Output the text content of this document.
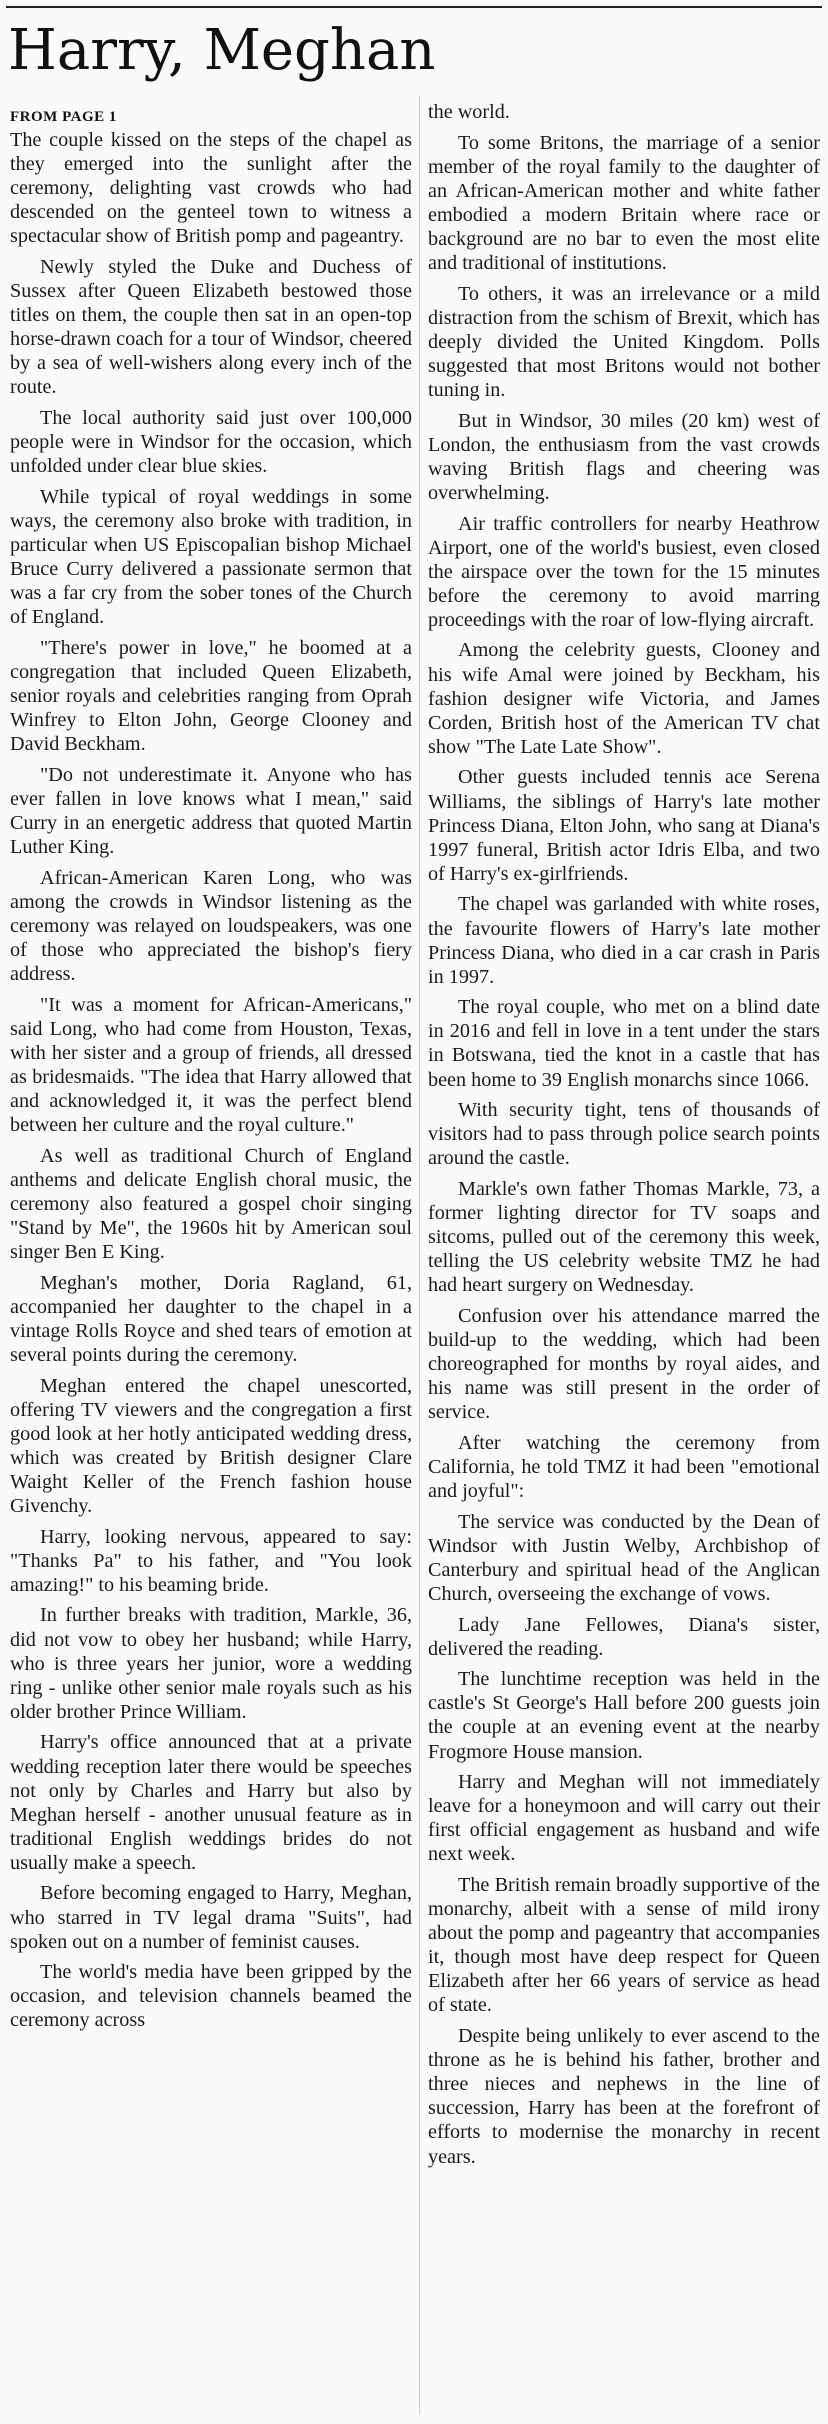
Harry, Meghan
FROM PAGE 1

The couple kissed on the steps of the chapel as they emerged into the sunlight after the ceremony, delighting vast crowds who had descended on the genteel town to witness a spectacular show of British pomp and pageantry.

Newly styled the Duke and Duchess of Sussex after Queen Elizabeth bestowed those titles on them, the couple then sat in an open-top horse-drawn coach for a tour of Windsor, cheered by a sea of well-wishers along every inch of the route.

The local authority said just over 100,000 people were in Windsor for the occasion, which unfolded under clear blue skies.

While typical of royal weddings in some ways, the ceremony also broke with tradition, in particular when US Episcopalian bishop Michael Bruce Curry delivered a passionate sermon that was a far cry from the sober tones of the Church of England.

"There's power in love," he boomed at a congregation that included Queen Elizabeth, senior royals and celebrities ranging from Oprah Winfrey to Elton John, George Clooney and David Beckham.

"Do not underestimate it. Anyone who has ever fallen in love knows what I mean," said Curry in an energetic address that quoted Martin Luther King.

African-American Karen Long, who was among the crowds in Windsor listening as the ceremony was relayed on loudspeakers, was one of those who appreciated the bishop's fiery address.

"It was a moment for African-Americans," said Long, who had come from Houston, Texas, with her sister and a group of friends, all dressed as bridesmaids. "The idea that Harry allowed that and acknowledged it, it was the perfect blend between her culture and the royal culture."

As well as traditional Church of England anthems and delicate English choral music, the ceremony also featured a gospel choir singing "Stand by Me", the 1960s hit by American soul singer Ben E King.

Meghan's mother, Doria Ragland, 61, accompanied her daughter to the chapel in a vintage Rolls Royce and shed tears of emotion at several points during the ceremony.

Meghan entered the chapel unescorted, offering TV viewers and the congregation a first good look at her hotly anticipated wedding dress, which was created by British designer Clare Waight Keller of the French fashion house Givenchy.

Harry, looking nervous, appeared to say: "Thanks Pa" to his father, and "You look amazing!" to his beaming bride.

In further breaks with tradition, Markle, 36, did not vow to obey her husband; while Harry, who is three years her junior, wore a wedding ring - unlike other senior male royals such as his older brother Prince William.

Harry's office announced that at a private wedding reception later there would be speeches not only by Charles and Harry but also by Meghan herself - another unusual feature as in traditional English weddings brides do not usually make a speech.

Before becoming engaged to Harry, Meghan, who starred in TV legal drama "Suits", had spoken out on a number of feminist causes.

The world's media have been gripped by the occasion, and television channels beamed the ceremony across

the world.

To some Britons, the marriage of a senior member of the royal family to the daughter of an African-American mother and white father embodied a modern Britain where race or background are no bar to even the most elite and traditional of institutions.

To others, it was an irrelevance or a mild distraction from the schism of Brexit, which has deeply divided the United Kingdom. Polls suggested that most Britons would not bother tuning in.

But in Windsor, 30 miles (20 km) west of London, the enthusiasm from the vast crowds waving British flags and cheering was overwhelming.

Air traffic controllers for nearby Heathrow Airport, one of the world's busiest, even closed the airspace over the town for the 15 minutes before the ceremony to avoid marring proceedings with the roar of low-flying aircraft.

Among the celebrity guests, Clooney and his wife Amal were joined by Beckham, his fashion designer wife Victoria, and James Corden, British host of the American TV chat show "The Late Late Show".

Other guests included tennis ace Serena Williams, the siblings of Harry's late mother Princess Diana, Elton John, who sang at Diana's 1997 funeral, British actor Idris Elba, and two of Harry's ex-girlfriends.

The chapel was garlanded with white roses, the favourite flowers of Harry's late mother Princess Diana, who died in a car crash in Paris in 1997.

The royal couple, who met on a blind date in 2016 and fell in love in a tent under the stars in Botswana, tied the knot in a castle that has been home to 39 English monarchs since 1066.

With security tight, tens of thousands of visitors had to pass through police search points around the castle.

Markle's own father Thomas Markle, 73, a former lighting director for TV soaps and sitcoms, pulled out of the ceremony this week, telling the US celebrity website TMZ he had had heart surgery on Wednesday.

Confusion over his attendance marred the build-up to the wedding, which had been choreographed for months by royal aides, and his name was still present in the order of service.

After watching the ceremony from California, he told TMZ it had been "emotional and joyful":

The service was conducted by the Dean of Windsor with Justin Welby, Archbishop of Canterbury and spiritual head of the Anglican Church, overseeing the exchange of vows.

Lady Jane Fellowes, Diana's sister, delivered the reading.

The lunchtime reception was held in the castle's St George's Hall before 200 guests join the couple at an evening event at the nearby Frogmore House mansion.

Harry and Meghan will not immediately leave for a honeymoon and will carry out their first official engagement as husband and wife next week.

The British remain broadly supportive of the monarchy, albeit with a sense of mild irony about the pomp and pageantry that accompanies it, though most have deep respect for Queen Elizabeth after her 66 years of service as head of state.

Despite being unlikely to ever ascend to the throne as he is behind his father, brother and three nieces and nephews in the line of succession, Harry has been at the forefront of efforts to modernise the monarchy in recent years.
